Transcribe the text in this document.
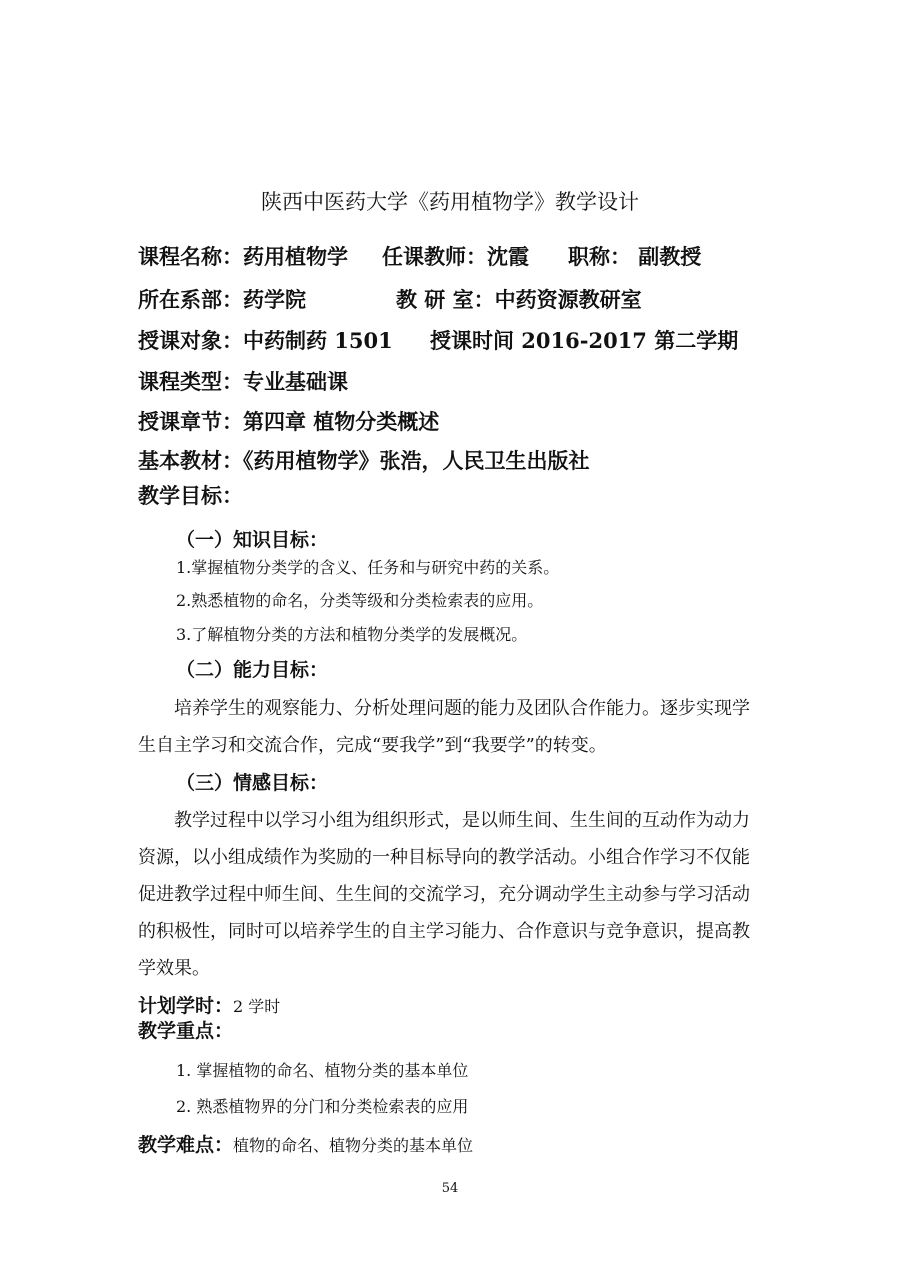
陕西中医药大学《药用植物学》教学设计
课程名称：药用植物学 任课教师：沈霞 职称： 副教授
所在系部：药学院	教 研 室：中药资源教研室
授课对象：中药制药 1501 授课时间 2016-2017 第二学期
课程类型：专业基础课
授课章节：第四章 植物分类概述
基本教材：《药用植物学》张浩，人民卫生出版社
教学目标：
（一）知识目标：
1.掌握植物分类学的含义、任务和与研究中药的关系。
2.熟悉植物的命名，分类等级和分类检索表的应用。
3.了解植物分类的方法和植物分类学的发展概况。
（二）能力目标：
培养学生的观察能力、分析处理问题的能力及团队合作能力。逐步实现学
生自主学习和交流合作，完成“要我学”到“我要学”的转变。
（三）情感目标：
教学过程中以学习小组为组织形式，是以师生间、生生间的互动作为动力
资源，以小组成绩作为奖励的一种目标导向的教学活动。小组合作学习不仅能
促进教学过程中师生间、生生间的交流学习，充分调动学生主动参与学习活动
的积极性，同时可以培养学生的自主学习能力、合作意识与竞争意识，提高教
学效果。
计划学时：2 学时
教学重点：
1. 掌握植物的命名、植物分类的基本单位
2. 熟悉植物界的分门和分类检索表的应用
教学难点：植物的命名、植物分类的基本单位
54
